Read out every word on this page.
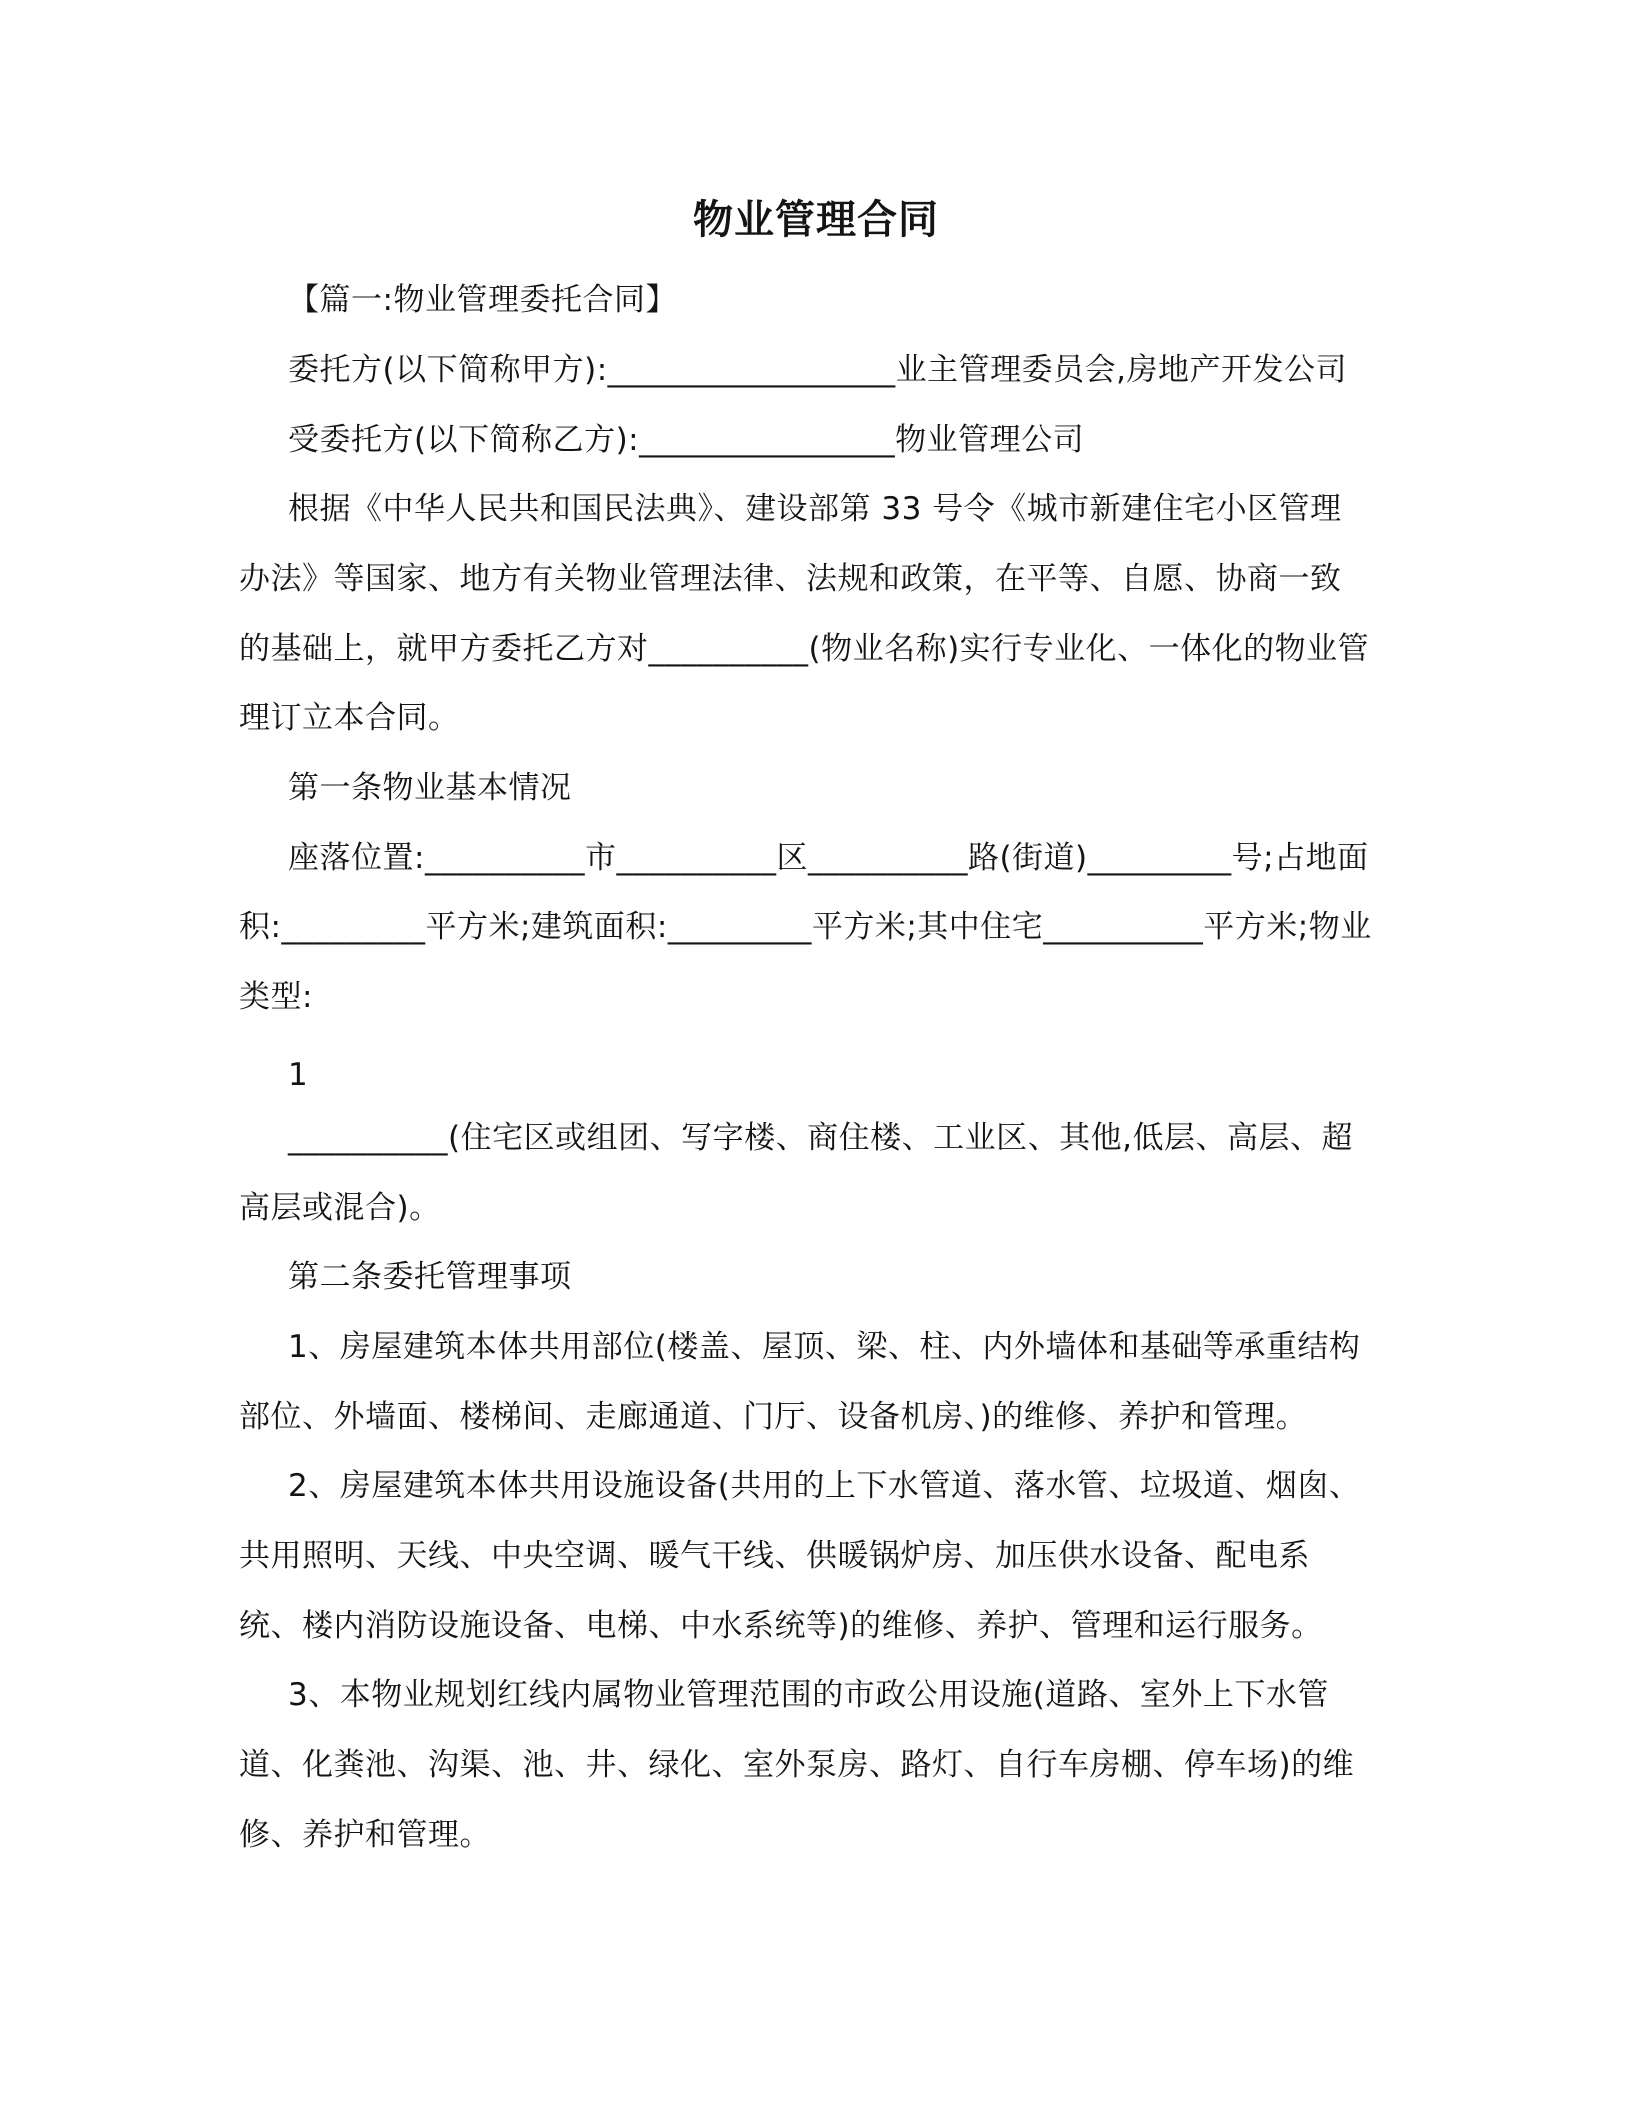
物业管理合同
【篇一:物业管理委托合同】
委托方(以下简称甲方):__________________业主管理委员会,房地产开发公司
受委托方(以下简称乙方):________________物业管理公司
根据《中华人民共和国民法典》、建设部第 33 号令《城市新建住宅小区管理
办法》等国家、地方有关物业管理法律、法规和政策，在平等、自愿、协商一致
的基础上，就甲方委托乙方对__________(物业名称)实行专业化、一体化的物业管
理订立本合同。
第一条物业基本情况
座落位置:__________市__________区__________路(街道)_________号;占地面
积:_________平方米;建筑面积:_________平方米;其中住宅__________平方米;物业
类型:
1
__________(住宅区或组团、写字楼、商住楼、工业区、其他,低层、高层、超
高层或混合)。
第二条委托管理事项
1、房屋建筑本体共用部位(楼盖、屋顶、梁、柱、内外墙体和基础等承重结构
部位、外墙面、楼梯间、走廊通道、门厅、设备机房、)的维修、养护和管理。
2、房屋建筑本体共用设施设备(共用的上下水管道、落水管、垃圾道、烟囱、
共用照明、天线、中央空调、暖气干线、供暖锅炉房、加压供水设备、配电系
统、楼内消防设施设备、电梯、中水系统等)的维修、养护、管理和运行服务。
3、本物业规划红线内属物业管理范围的市政公用设施(道路、室外上下水管
道、化粪池、沟渠、池、井、绿化、室外泵房、路灯、自行车房棚、停车场)的维
修、养护和管理。
